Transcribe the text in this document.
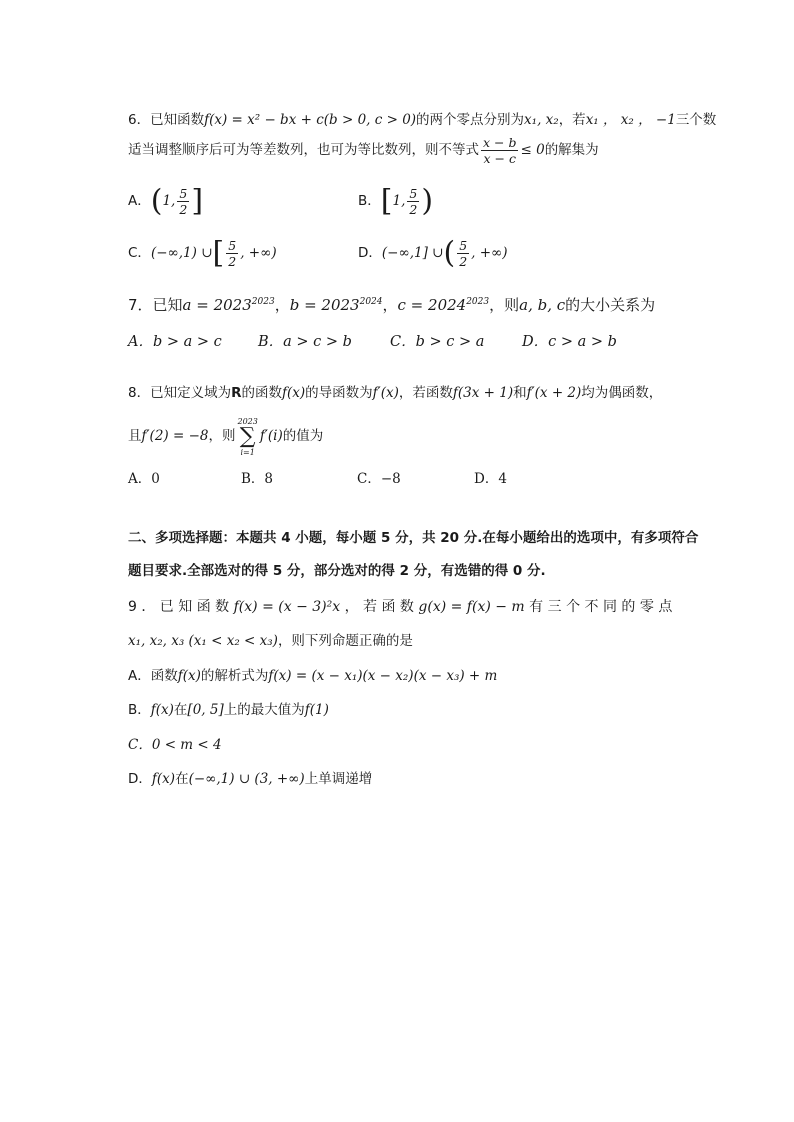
6．已知函数f(x) = x² − bx + c(b > 0, c > 0)的两个零点分别为x₁, x₂，若x₁ ， x₂ ， −1三个数
适当调整顺序后可为等差数列，也可为等比数列，则不等式 $\frac{x - b}{x - c} \le 0$的解集为
A．(1, $\frac{5}{2}$ ]	B．[1, $\frac{5}{2}$ )
C．(−∞,1) ∪[ $\frac{5}{2}$ , +∞)	D．(−∞,1] ∪( $\frac{5}{2}$ , +∞)
7．已知$a = 2023^{2023}$，$b = 2023^{2024}$，$c = 2024^{2023}$，则a, b, c的大小关系为
A．b > a > c B．a > c > b	C．b > c > a	D．c > a > b
8．已知定义域为R的函数f(x)的导函数为f′(x)，若函数f(3x + 1)和f′(x + 2)均为偶函数，
且f′(2) = −8，则
2023
∑
i=1
f′(i)的值为
A．0	B．8	C．−8	D．4
二、多项选择题：本题共 4 小题，每小题 5 分，共 20 分.在每小题给出的选项中，有多项符合
题目要求.全部选对的得 5 分，部分选对的得 2 分，有选错的得 0 分.
9 ． 已 知 函 数 f(x) = (x − 3)²x ， 若 函 数 g(x) = f(x) − m 有 三 个 不 同 的 零 点
x₁, x₂, x₃ (x₁ < x₂ < x₃)，则下列命题正确的是
A．函数f(x)的解析式为f(x) = (x − x₁)(x − x₂)(x − x₃) + m
B．f(x)在[0, 5]上的最大值为f(1)
C．0 < m < 4
D．f(x)在(−∞,1) ∪ (3, +∞)上单调递增
